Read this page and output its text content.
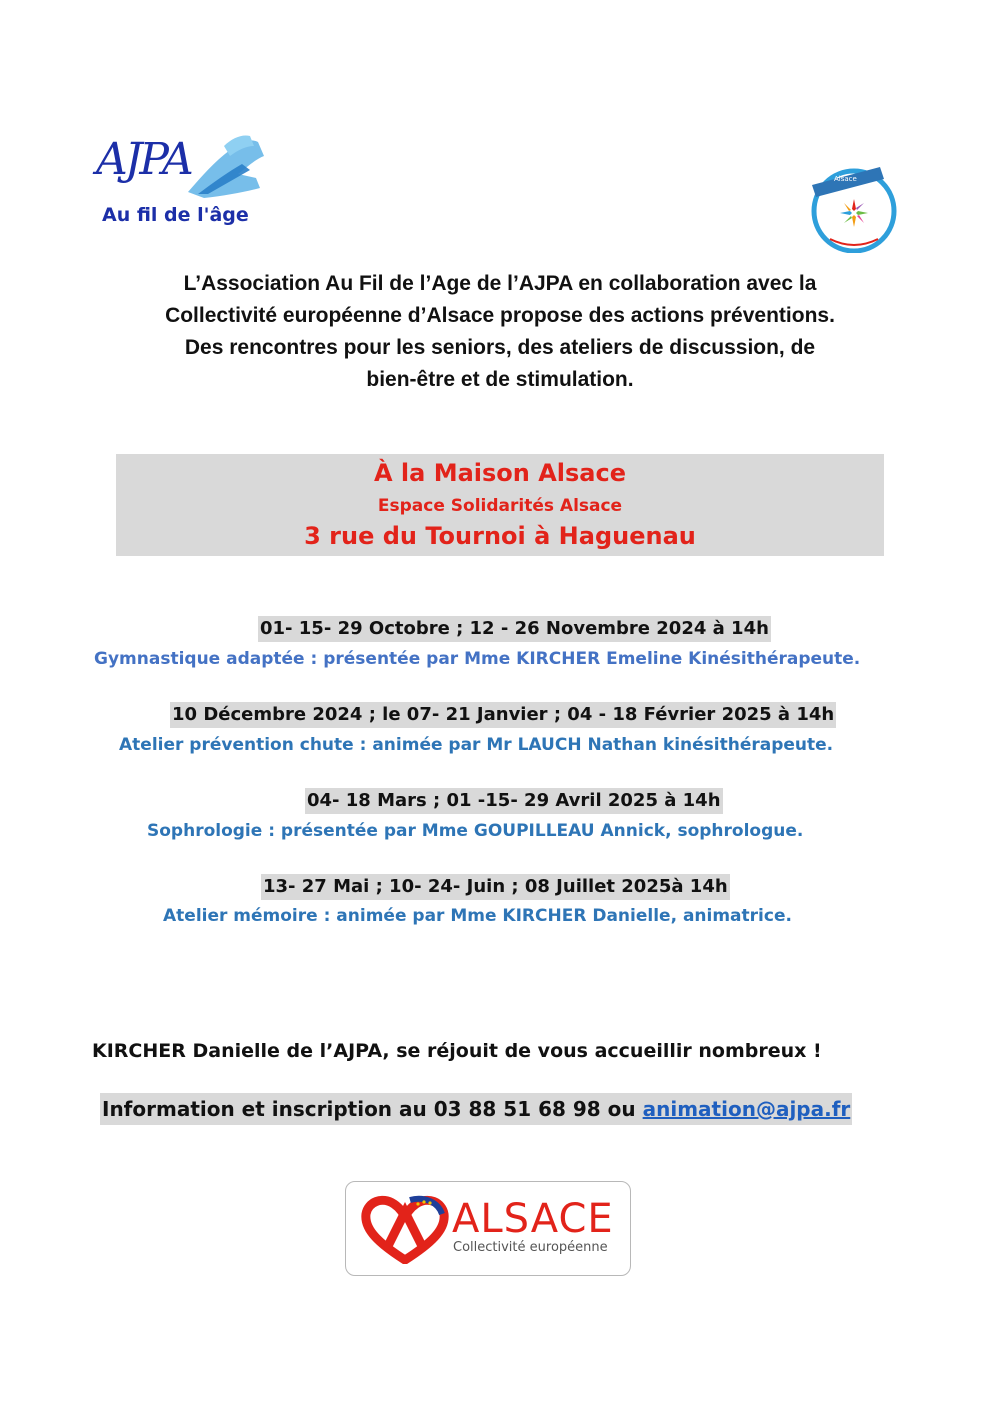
AJPA
Au fil de l'âge
Alsace
L’Association Au Fil de l’Age de l’AJPA en collaboration avec la
Collectivité européenne d’Alsace propose des actions préventions.
Des rencontres pour les seniors, des ateliers de discussion, de
bien-être et de stimulation.
À la Maison Alsace
Espace Solidarités Alsace
3 rue du Tournoi à Haguenau
01- 15- 29 Octobre ; 12 - 26 Novembre 2024 à 14h
Gymnastique adaptée : présentée par Mme KIRCHER Emeline Kinésithérapeute.
10 Décembre 2024 ; le 07- 21 Janvier ; 04 - 18 Février 2025 à 14h
Atelier prévention chute : animée par Mr LAUCH Nathan kinésithérapeute.
04- 18 Mars ; 01 -15- 29 Avril 2025 à 14h
Sophrologie : présentée par Mme GOUPILLEAU Annick, sophrologue.
13- 27 Mai ; 10- 24- Juin ; 08 Juillet 2025à 14h
Atelier mémoire : animée par Mme KIRCHER Danielle, animatrice.
KIRCHER Danielle de l’AJPA, se réjouit de vous accueillir nombreux !
Information et inscription au 03 88 51 68 98 ou animation@ajpa.fr
ALSACE
Collectivité européenne
